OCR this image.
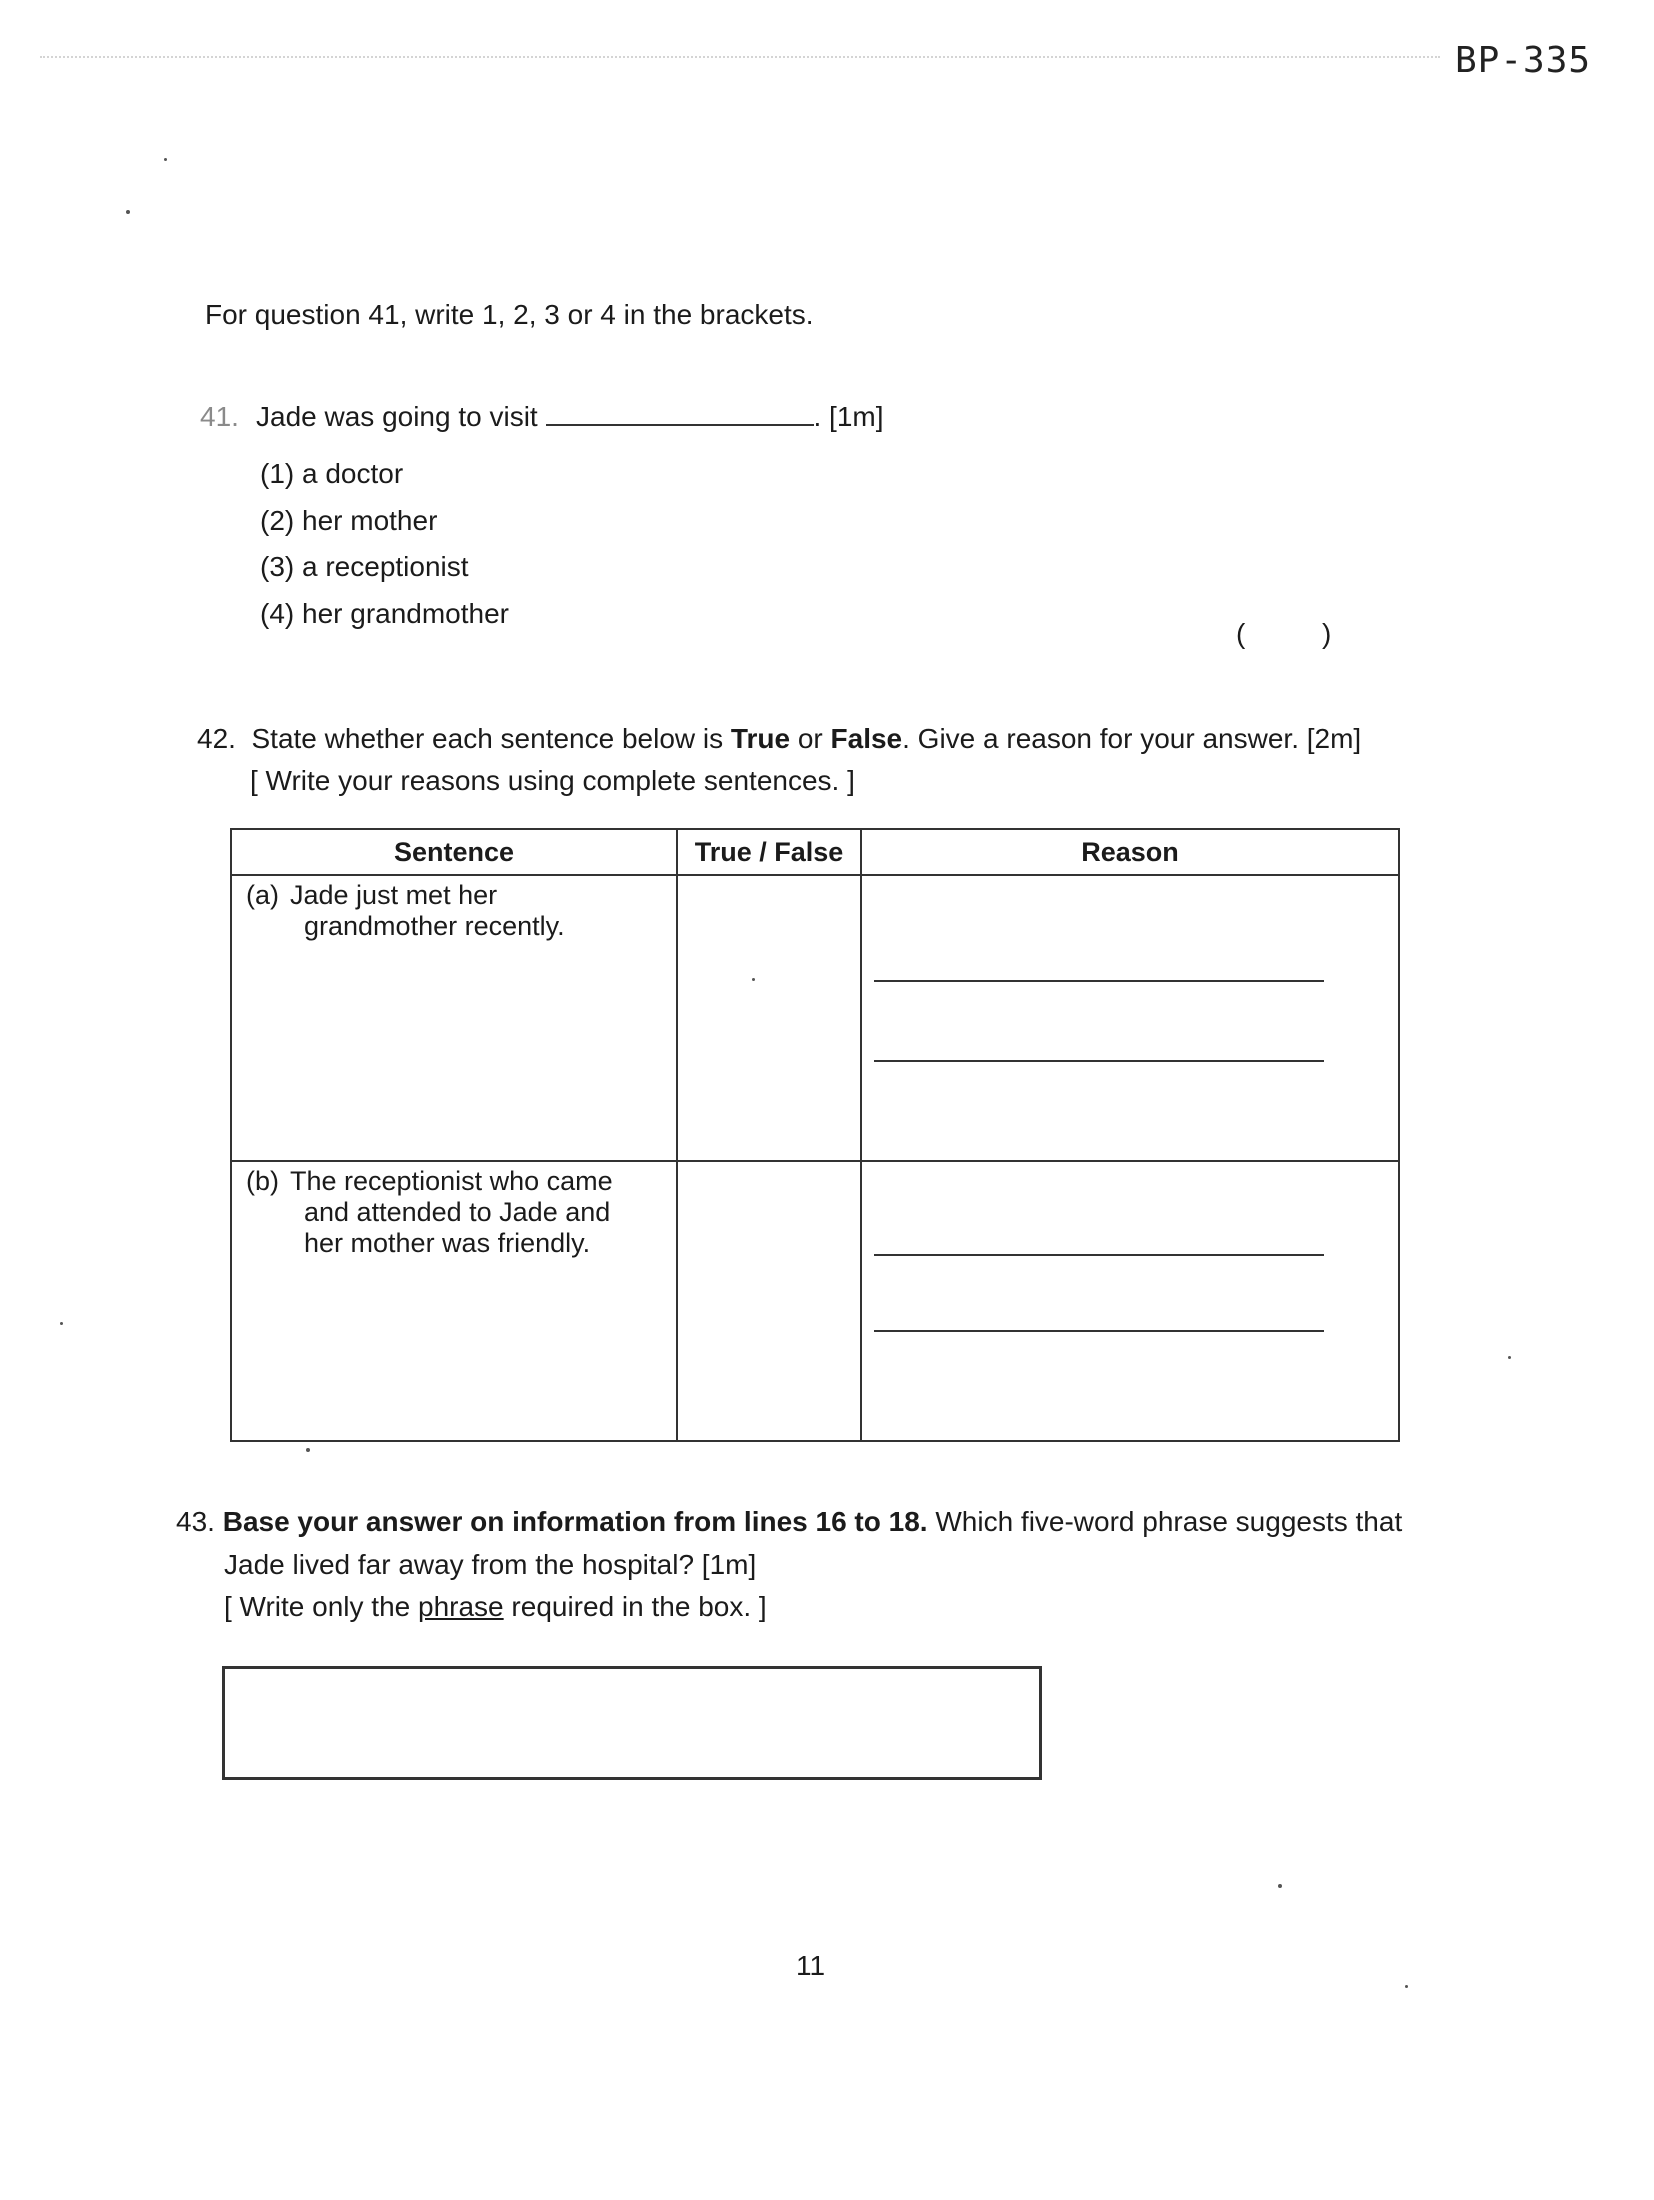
BP-335
For question 41, write 1, 2, 3 or 4 in the brackets.
41. Jade was going to visit	. [1m]
(1) a doctor
(2) her mother
(3) a receptionist
(4) her grandmother
(	)
42. State whether each sentence below is True or False. Give a reason for your answer. [2m]
[ Write your reasons using complete sentences. ]
Sentence	True / False	Reason
(a) Jade just met her
grandmother recently.		

(b) The receptionist who came
and attended to Jade and
her mother was friendly.		

43. Base your answer on information from lines 16 to 18. Which five-word phrase suggests that
Jade lived far away from the hospital? [1m]
[ Write only the phrase required in the box. ]
11
